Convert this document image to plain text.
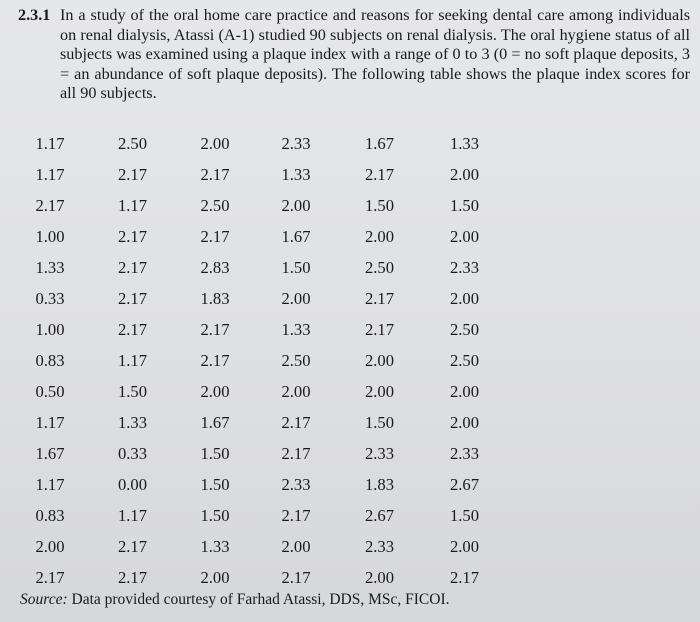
2.3.1 In a study of the oral home care practice and reasons for seeking dental care among individuals on renal dialysis, Atassi (A-1) studied 90 subjects on renal dialysis. The oral hygiene status of all subjects was examined using a plaque index with a range of 0 to 3 (0 = no soft plaque deposits, 3 = an abundance of soft plaque deposits). The following table shows the plaque index scores for all 90 subjects.
1.17	2.50	2.00	2.33	1.67	1.33
1.17	2.17	2.17	1.33	2.17	2.00
2.17	1.17	2.50	2.00	1.50	1.50
1.00	2.17	2.17	1.67	2.00	2.00
1.33	2.17	2.83	1.50	2.50	2.33
0.33	2.17	1.83	2.00	2.17	2.00
1.00	2.17	2.17	1.33	2.17	2.50
0.83	1.17	2.17	2.50	2.00	2.50
0.50	1.50	2.00	2.00	2.00	2.00
1.17	1.33	1.67	2.17	1.50	2.00
1.67	0.33	1.50	2.17	2.33	2.33
1.17	0.00	1.50	2.33	1.83	2.67
0.83	1.17	1.50	2.17	2.67	1.50
2.00	2.17	1.33	2.00	2.33	2.00
2.17	2.17	2.00	2.17	2.00	2.17
Source: Data provided courtesy of Farhad Atassi, DDS, MSc, FICOI.
